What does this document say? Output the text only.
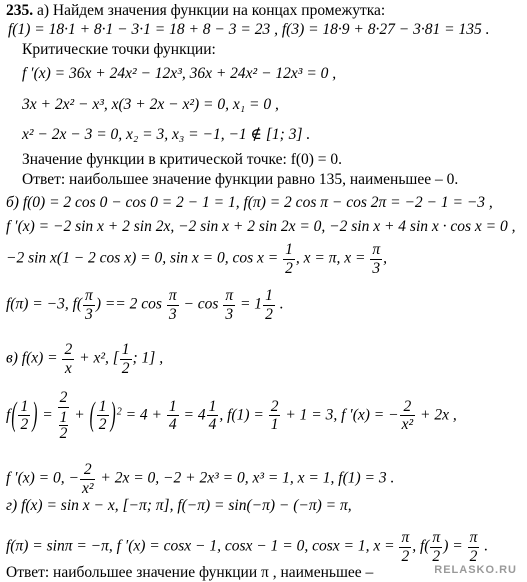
235. а) Найдем значения функции на концах промежутка:
f(1) = 18·1 + 8·1 − 3·1 = 18 + 8 − 3 = 23 , f(3) = 18·9 + 8·27 − 3·81 = 135 .
Критические точки функции:
f ′(x) = 36x + 24x² − 12x³, 36x + 24x² − 12x³ = 0 ,
3x + 2x² − x³, x(3 + 2x − x²) = 0, x₁ = 0 ,
x² − 2x − 3 = 0, x₂ = 3, x₃ = −1, −1 ∉ [1; 3] .
Значение функции в критической точке: f(0) = 0.
Ответ: наибольшее значение функции равно 135, наименьшее – 0.
б) f(0) = 2 cos 0 − cos 0 = 2 − 1 = 1, f(π) = 2 cos π − cos 2π = −2 − 1 = −3 ,
f ′(x) = −2 sin x + 2 sin 2x, −2 sin x + 2 sin 2x = 0, −2 sin x + 4 sin x · cos x = 0 ,
−2 sin x(1 − 2 cos x) = 0, sin x = 0, $\cos x = \frac{1}{2}$ , x = π, $x = \frac{\pi}{3}$ ,
f(π) = −3, $f( \frac{\pi}{3}$ ) == 2 $\cos \frac{\pi}{3} - \cos \frac{\pi}{3} = 1 \frac{1}{2}$ .
в) $f(x) = \frac{2}{x} + x^2$, [ $\frac{1}{2}$ ; 1] ,
$f( \frac{1}{2}$ ) = $\frac{2}{\frac{1}{2}}$ + ( $\frac{1}{2} )^2 = 4 + \frac{1}{4} = 4 \frac{1}{4}$ , $f(1) = \frac{2}{1} + 1 = 3$, f ′(x) = − $\frac{2}{\text{x²}} + 2x$ ,
f ′(x) = 0, − $\frac{2}{\text{x²}} + 2x = 0$, −2 + 2x³ = 0, x³ = 1, x = 1, f(1) = 3 .
г) f(x) = sin x − x, [−π; π], f(−π) = sin(−π) − (−π) = π,
f(π) = sinπ = −π, f ′(x) = cosx − 1, cosx − 1 = 0, cosx = 1, $x = \frac{\pi}{2}$ , $f( \frac{\pi}{2}$ ) = $\frac{\pi}{2}$ .
Ответ: наибольшее значение функции π , наименьшее –	RELASKO.RU
